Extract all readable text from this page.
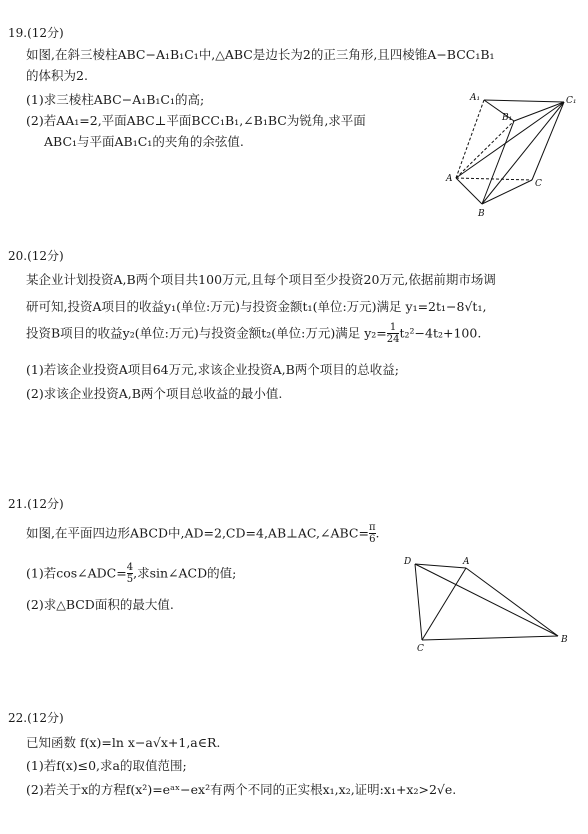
19.(12分)
如图,在斜三棱柱ABC−A₁B₁C₁中,△ABC是边长为2的正三角形,且四棱锥A−BCC₁B₁
的体积为2.
(1)求三棱柱ABC−A₁B₁C₁的高;
(2)若AA₁=2,平面ABC⊥平面BCC₁B₁,∠B₁BC为锐角,求平面
ABC₁与平面AB₁C₁的夹角的余弦值.
A₁
B₁
C₁
A
B
C
20.(12分)
某企业计划投资A,B两个项目共100万元,且每个项目至少投资20万元,依据前期市场调
研可知,投资A项目的收益y₁(单位:万元)与投资金额t₁(单位:万元)满足 y₁=2t₁−8√t₁,
投资B项目的收益y₂(单位:万元)与投资金额t₂(单位:万元)满足 $y_2= \frac{1}{24} t_2^2-4t_2+100$.
(1)若该企业投资A项目64万元,求该企业投资A,B两个项目的总收益;
(2)求该企业投资A,B两个项目总收益的最小值.
21.(12分)
如图,在平面四边形ABCD中,AD=2,CD=4,AB⊥AC,∠ABC= $\frac{\pi}{6}$ .
(1)若cos∠ADC= $\frac{4}{5}$ ,求sin∠ACD的值;
(2)求△BCD面积的最大值.
D	A
B
C
22.(12分)
已知函数 f(x)=ln x−a√x+1,a∈R.
(1)若f(x)≤0,求a的取值范围;
(2)若关于x的方程f(x²)=eᵃˣ−ex²有两个不同的正实根x₁,x₂,证明:x₁+x₂>2√e.
